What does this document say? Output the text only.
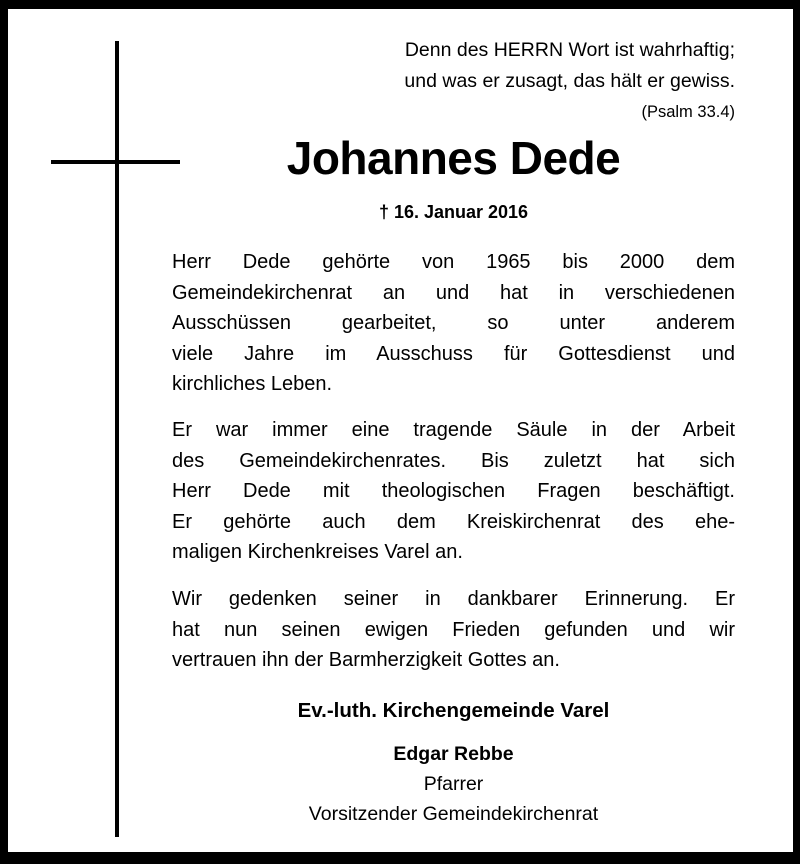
Denn des HERRN Wort ist wahrhaftig;
und was er zusagt, das hält er gewiss.
(Psalm 33.4)
Johannes Dede
† 16. Januar 2016
Herr Dede gehörte von 1965 bis 2000 dem
Gemeindekirchenrat an und hat in verschiedenen
Ausschüssen gearbeitet, so unter anderem
viele Jahre im Ausschuss für Gottesdienst und
kirchliches Leben.
Er war immer eine tragende Säule in der Arbeit
des Gemeindekirchenrates. Bis zuletzt hat sich
Herr Dede mit theologischen Fragen beschäftigt.
Er gehörte auch dem Kreiskirchenrat des ehe-
maligen Kirchenkreises Varel an.
Wir gedenken seiner in dankbarer Erinnerung. Er
hat nun seinen ewigen Frieden gefunden und wir
vertrauen ihn der Barmherzigkeit Gottes an.
Ev.-luth. Kirchengemeinde Varel
Edgar Rebbe
Pfarrer
Vorsitzender Gemeindekirchenrat
